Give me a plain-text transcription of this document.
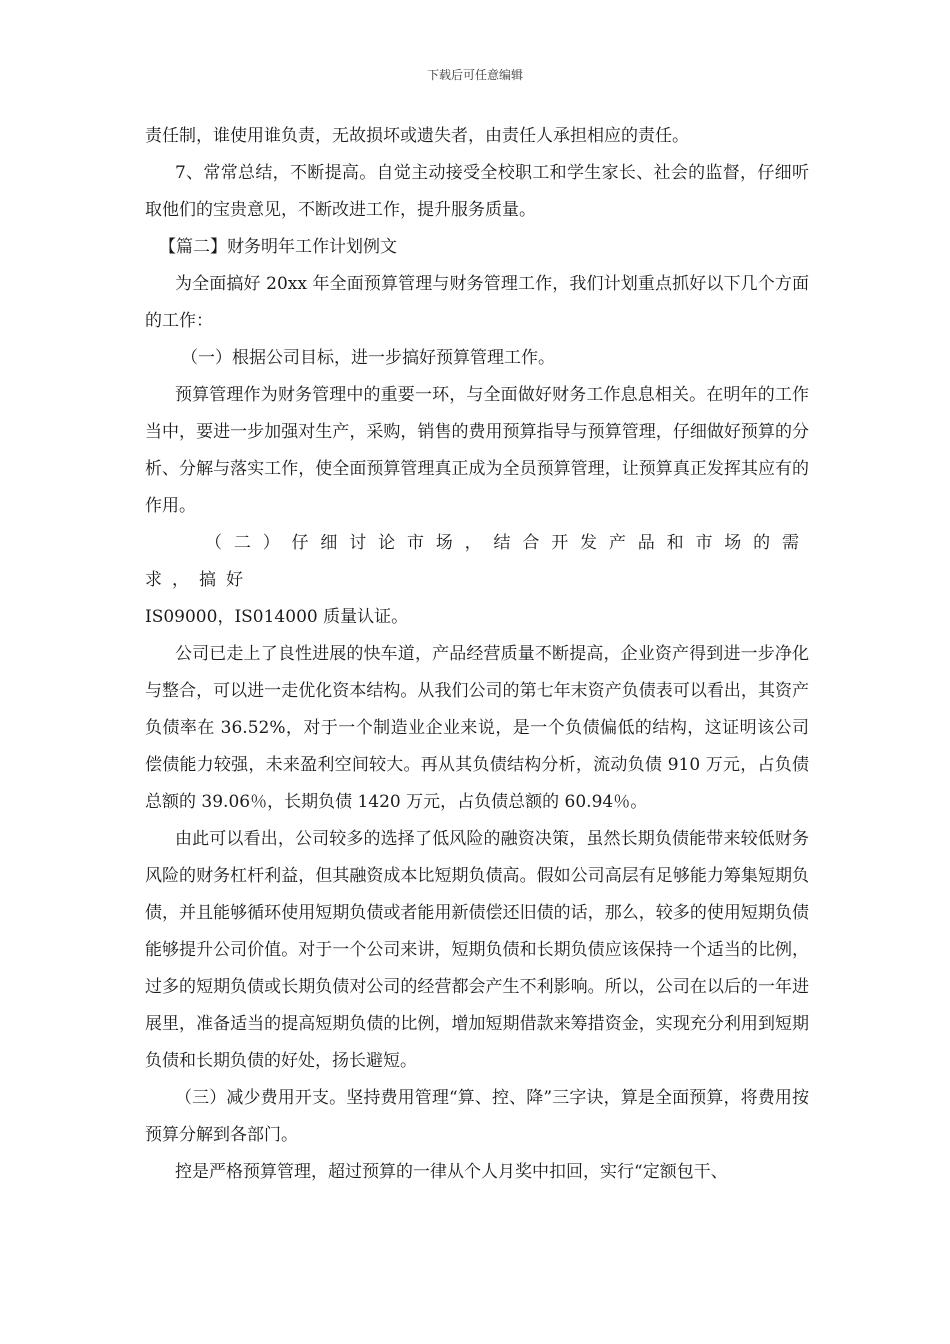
下载后可任意编辑

责任制，谁使用谁负责，无故损坏或遗失者，由责任人承担相应的责任。

7、常常总结，不断提高。自觉主动接受全校职工和学生家长、社会的监督，仔细听取他们的宝贵意见，不断改进工作，提升服务质量。

【篇二】财务明年工作计划例文

为全面搞好 20xx 年全面预算管理与财务管理工作，我们计划重点抓好以下几个方面的工作：

（一）根据公司目标，进一步搞好预算管理工作。

预算管理作为财务管理中的重要一环，与全面做好财务工作息息相关。在明年的工作当中，要进一步加强对生产，采购，销售的费用预算指导与预算管理，仔细做好预算的分析、分解与落实工作，使全面预算管理真正成为全员预算管理，让预算真正发挥其应有的作用。

（二）仔细讨论市场，结合开发产品和市场的需求，搞好

IS09000，IS014000 质量认证。

公司已走上了良性进展的快车道，产品经营质量不断提高，企业资产得到进一步净化与整合，可以进一走优化资本结构。从我们公司的第七年末资产负债表可以看出，其资产负债率在 36.52%，对于一个制造业企业来说，是一个负债偏低的结构，这证明该公司偿债能力较强，未来盈利空间较大。再从其负债结构分析，流动负债 910 万元，占负债总额的 39.06％，长期负债 1420 万元，占负债总额的 60.94％。

由此可以看出，公司较多的选择了低风险的融资决策，虽然长期负债能带来较低财务风险的财务杠杆利益，但其融资成本比短期负债高。假如公司高层有足够能力筹集短期负债，并且能够循环使用短期负债或者能用新债偿还旧债的话，那么，较多的使用短期负债能够提升公司价值。对于一个公司来讲，短期负债和长期负债应该保持一个适当的比例，过多的短期负债或长期负债对公司的经营都会产生不利影响。所以，公司在以后的一年进展里，准备适当的提高短期负债的比例，增加短期借款来筹措资金，实现充分利用到短期负债和长期负债的好处，扬长避短。

（三）减少费用开支。坚持费用管理“算、控、降”三字诀，算是全面预算，将费用按预算分解到各部门。

控是严格预算管理，超过预算的一律从个人月奖中扣回，实行“定额包干、
